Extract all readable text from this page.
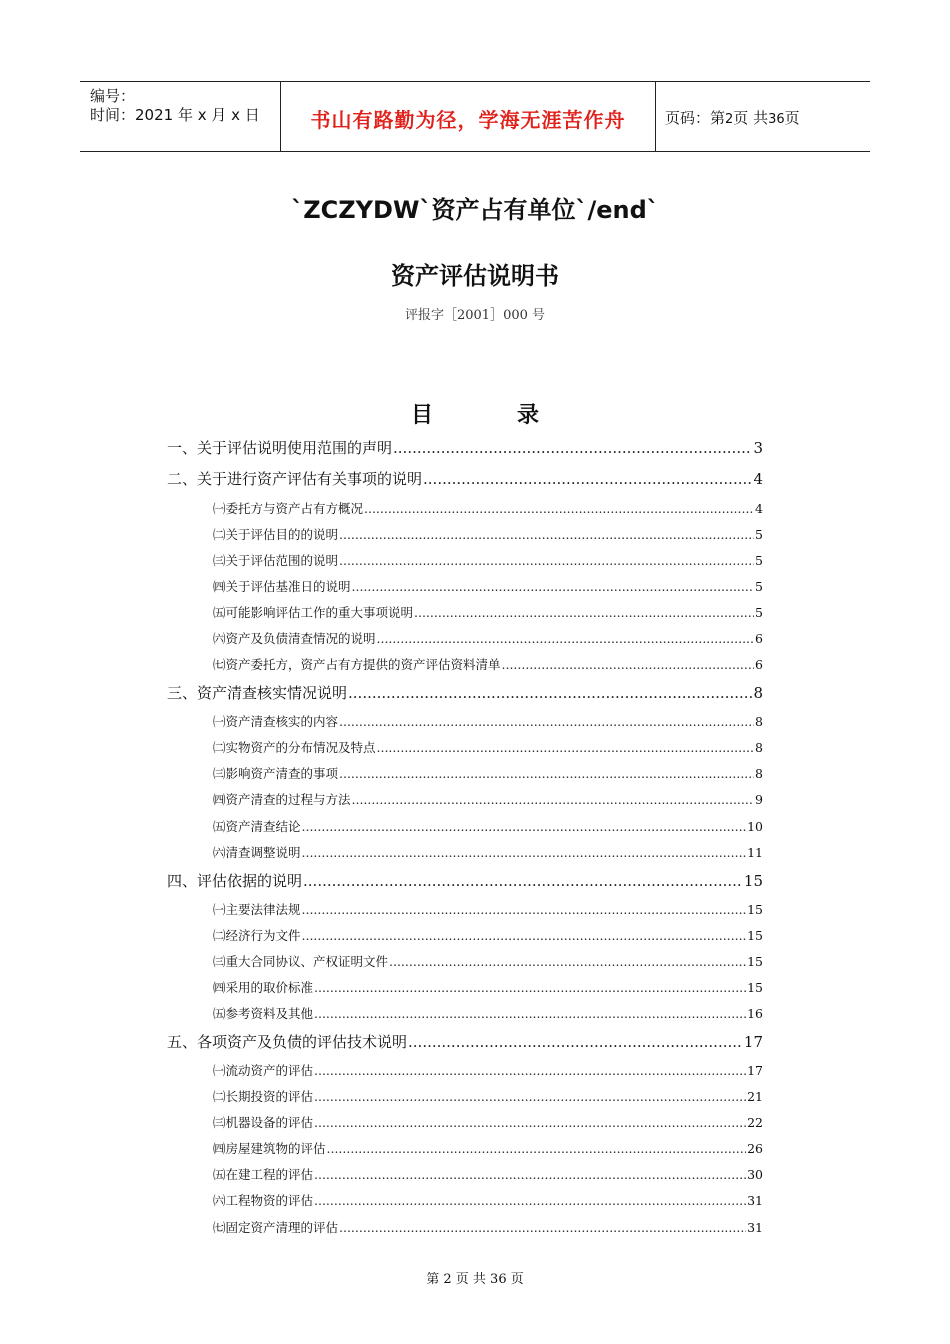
编号：
时间：2021 年 x 月 x 日	书山有路勤为径，学海无涯苦作舟	页码：第2页 共36页
`ZCZYDW`资产占有单位`/end`
资产评估说明书
评报字［2001］000 号
目	录
一、关于评估说明使用范围的声明 .....	3
二、关于进行资产评估有关事项的说明 .....	4
㈠委托方与资产占有方概况 .....	4
㈡关于评估目的的说明 .....	5
㈢关于评估范围的说明 .....	5
㈣关于评估基准日的说明 .....	5
㈤可能影响评估工作的重大事项说明 .....	5
㈥资产及负债清查情况的说明 .....	6
㈦资产委托方，资产占有方提供的资产评估资料清单 .....	6
三、资产清查核实情况说明 .....	8
㈠资产清查核实的内容 .....	8
㈡实物资产的分布情况及特点 .....	8
㈢影响资产清查的事项 .....	8
㈣资产清查的过程与方法 .....	9
㈤资产清查结论 .....	10
㈥清查调整说明 .....	11
四、评估依据的说明 .....	15
㈠主要法律法规 .....	15
㈡经济行为文件 .....	15
㈢重大合同协议、产权证明文件 .....	15
㈣采用的取价标准 .....	15
㈤参考资料及其他 .....	16
五、各项资产及负债的评估技术说明 .....	17
㈠流动资产的评估 .....	17
㈡长期投资的评估 .....	21
㈢机器设备的评估 .....	22
㈣房屋建筑物的评估 .....	26
㈤在建工程的评估 .....	30
㈥工程物资的评估 .....	31
㈦固定资产清理的评估 .....	31
第 2 页 共 36 页
